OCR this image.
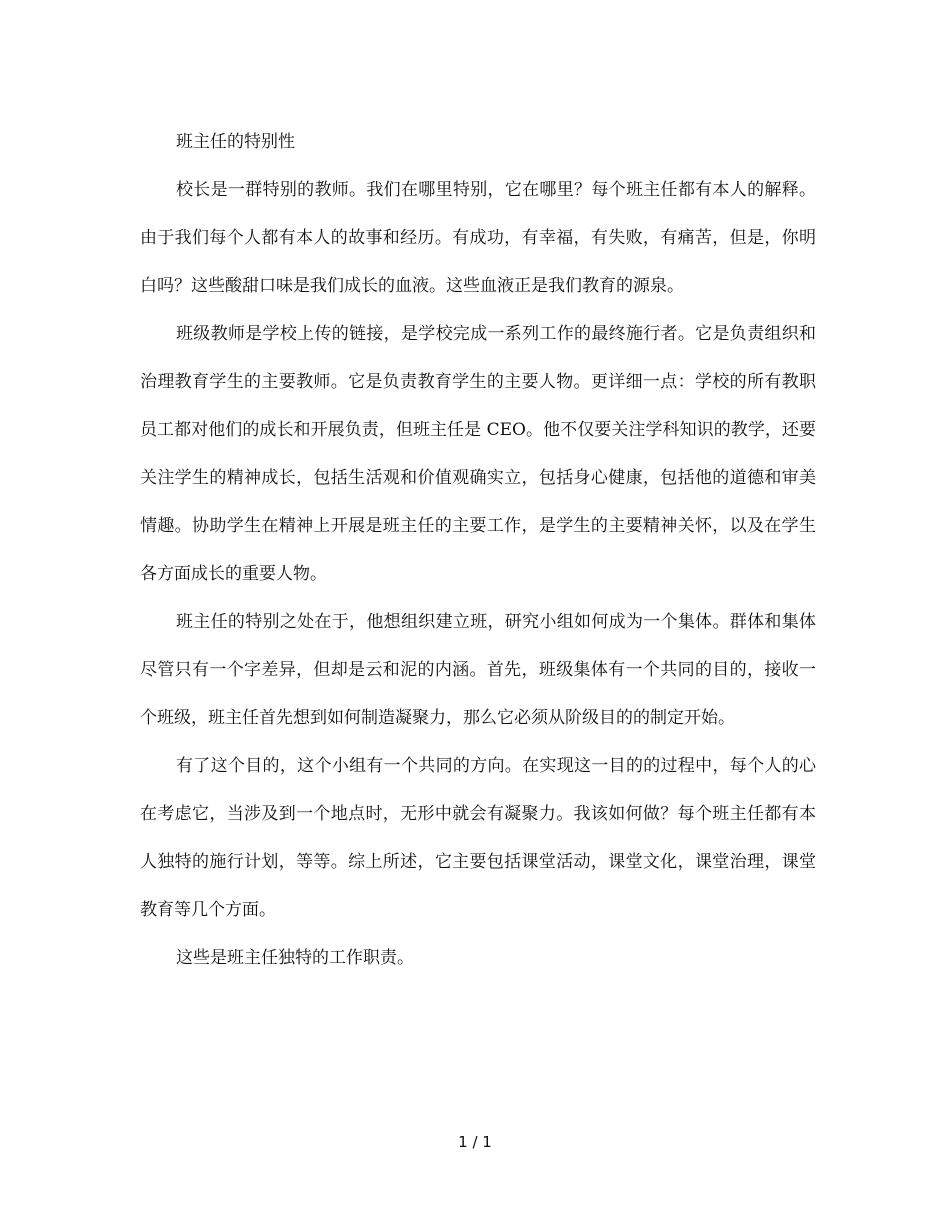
班主任的特别性

校长是一群特别的教师。我们在哪里特别，它在哪里？每个班主任都有本人的解释。由于我们每个人都有本人的故事和经历。有成功，有幸福，有失败，有痛苦，但是，你明白吗？这些酸甜口味是我们成长的血液。这些血液正是我们教育的源泉。

班级教师是学校上传的链接，是学校完成一系列工作的最终施行者。它是负责组织和治理教育学生的主要教师。它是负责教育学生的主要人物。更详细一点：学校的所有教职员工都对他们的成长和开展负责，但班主任是 CEO。他不仅要关注学科知识的教学，还要关注学生的精神成长，包括生活观和价值观确实立，包括身心健康，包括他的道德和审美情趣。协助学生在精神上开展是班主任的主要工作，是学生的主要精神关怀，以及在学生各方面成长的重要人物。

班主任的特别之处在于，他想组织建立班，研究小组如何成为一个集体。群体和集体尽管只有一个字差异，但却是云和泥的内涵。首先，班级集体有一个共同的目的，接收一个班级，班主任首先想到如何制造凝聚力，那么它必须从阶级目的的制定开始。

有了这个目的，这个小组有一个共同的方向。在实现这一目的的过程中，每个人的心在考虑它，当涉及到一个地点时，无形中就会有凝聚力。我该如何做？每个班主任都有本人独特的施行计划，等等。综上所述，它主要包括课堂活动，课堂文化，课堂治理，课堂教育等几个方面。

这些是班主任独特的工作职责。

1 / 1
